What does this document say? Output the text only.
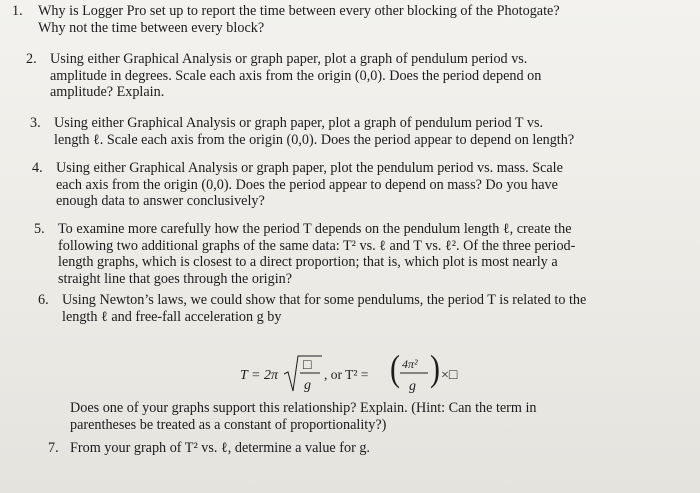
1.	Why is Logger Pro set up to report the time between every other blocking of the Photogate?
Why not the time between every block?
2. Using either Graphical Analysis or graph paper, plot a graph of pendulum period vs.
amplitude in degrees. Scale each axis from the origin (0,0). Does the period depend on
amplitude? Explain.
3. Using either Graphical Analysis or graph paper, plot a graph of pendulum period T vs.
length ℓ. Scale each axis from the origin (0,0). Does the period appear to depend on length?
4. Using either Graphical Analysis or graph paper, plot the pendulum period vs. mass. Scale
each axis from the origin (0,0). Does the period appear to depend on mass? Do you have
enough data to answer conclusively?
5. To examine more carefully how the period T depends on the pendulum length ℓ, create the
following two additional graphs of the same data: T² vs. ℓ and T vs. ℓ². Of the three period-
length graphs, which is closest to a direct proportion; that is, which plot is most nearly a
straight line that goes through the origin?
6. Using Newton’s laws, we could show that for some pendulums, the period T is related to the
length ℓ and free-fall acceleration g by
T = 2π
□
g
, or T² = ( 4π²
g ) ×□
Does one of your graphs support this relationship? Explain. (Hint: Can the term in
parentheses be treated as a constant of proportionality?)
7. From your graph of T² vs. ℓ, determine a value for g.
